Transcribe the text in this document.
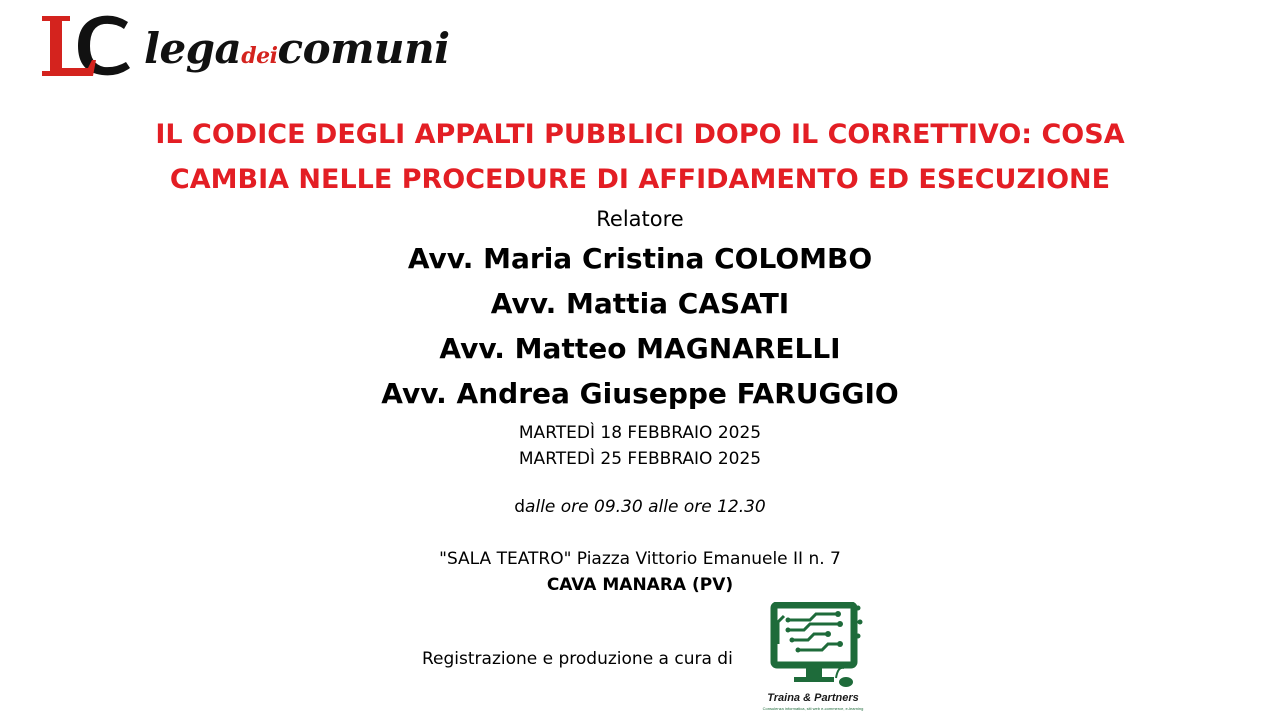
legadeicomuni
IL CODICE DEGLI APPALTI PUBBLICI DOPO IL CORRETTIVO: COSA
CAMBIA NELLE PROCEDURE DI AFFIDAMENTO ED ESECUZIONE
Relatore
Avv. Maria Cristina COLOMBO
Avv. Mattia CASATI
Avv. Matteo MAGNARELLI
Avv. Andrea Giuseppe FARUGGIO
MARTEDÌ 18 FEBBRAIO 2025
MARTEDÌ 25 FEBBRAIO 2025
dalle ore 09.30 alle ore 12.30
"SALA TEATRO" Piazza Vittorio Emanuele II n. 7
CAVA MANARA (PV)
Registrazione e produzione a cura di
Traina & Partners
Consulenza informatica, siti web e-commerce, e-learning
